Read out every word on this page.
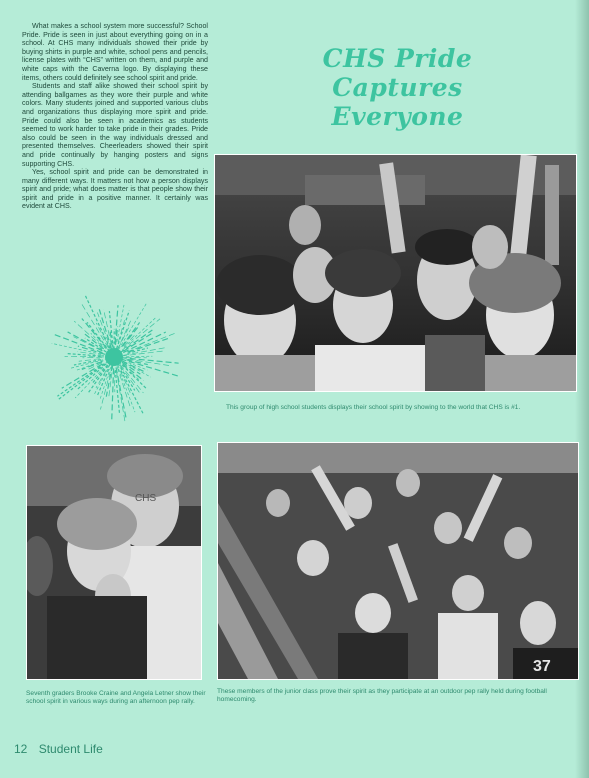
What makes a school system more successful? School Pride. Pride is seen in just about everything going on in a school. At CHS many individuals showed their pride by buying shirts in purple and white, school pens and pencils, license plates with “CHS” written on them, and purple and white caps with the Caverna logo. By displaying these items, others could definitely see school spirit and pride.

Students and staff alike showed their school spirit by attending ballgames as they wore their purple and white colors. Many students joined and supported various clubs and organizations thus displaying more spirit and pride. Pride could also be seen in academics as students seemed to work harder to take pride in their grades. Pride also could be seen in the way individuals dressed and presented themselves. Cheerleaders showed their spirit and pride continually by hanging posters and signs supporting CHS.

Yes, school spirit and pride can be demonstrated in many different ways. It matters not how a person displays spirit and pride; what does matter is that people show their spirit and pride in a positive manner. It certainly was evident at CHS.

CHS Pride
Captures
Everyone

This group of high school students displays their school spirit by showing to the world that CHS is #1.

CHS

Seventh graders Brooke Craine and Angela Letner show their school spirit in various ways during an afternoon pep rally.

37

These members of the junior class prove their spirit as they participate at an outdoor pep rally held during football homecoming.

12 Student Life
